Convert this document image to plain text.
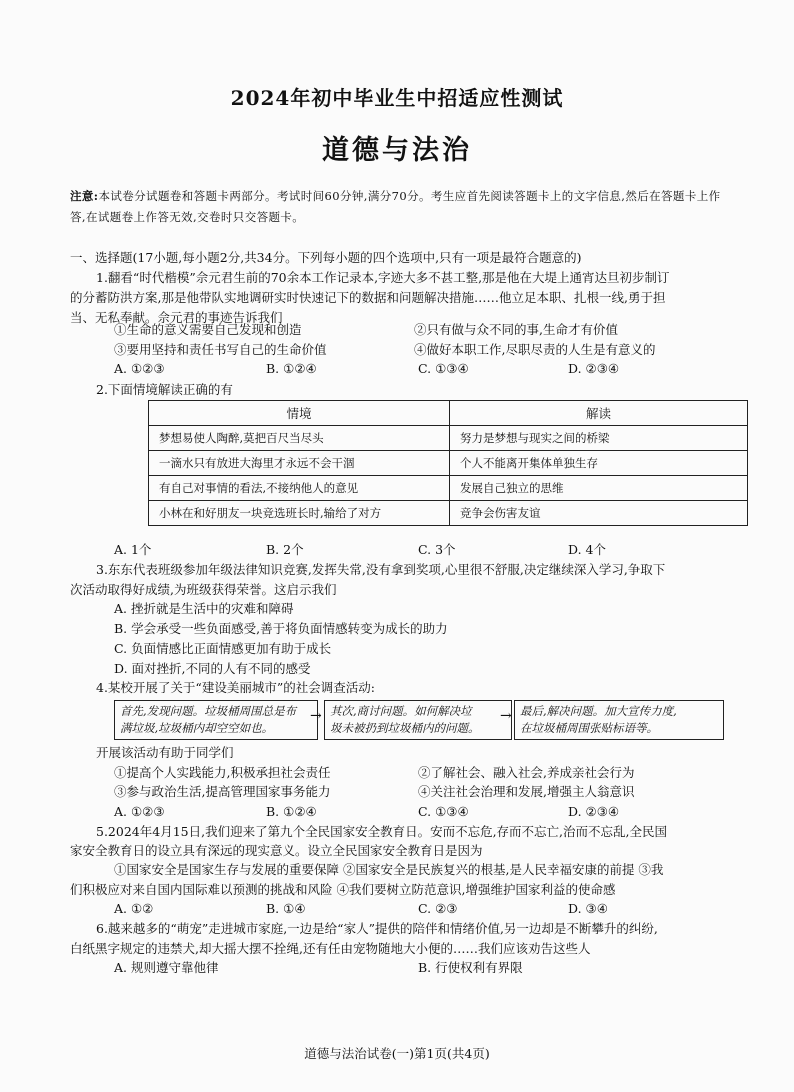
2024年初中毕业生中招适应性测试
道德与法治
注意:本试卷分试题卷和答题卡两部分。考试时间60分钟,满分70分。考生应首先阅读答题卡上的文字信息,然后在答题卡上作答,在试题卷上作答无效,交卷时只交答题卡。
一、选择题(17小题,每小题2分,共34分。下列每小题的四个选项中,只有一项是最符合题意的)
1.翻看“时代楷模”佘元君生前的70余本工作记录本,字迹大多不甚工整,那是他在大堤上通宵达旦初步制订
的分蓄防洪方案,那是他带队实地调研实时快速记下的数据和问题解决措施……他立足本职、扎根一线,勇于担
当、无私奉献。佘元君的事迹告诉我们
①生命的意义需要自己发现和创造	②只有做与众不同的事,生命才有价值
③要用坚持和责任书写自己的生命价值	④做好本职工作,尽职尽责的人生是有意义的
A. ①②③	B. ①②④	C. ①③④	D. ②③④
2.下面情境解读正确的有
情境	解读
梦想易使人陶醉,莫把百尺当尽头	努力是梦想与现实之间的桥梁
一滴水只有放进大海里才永远不会干涸	个人不能离开集体单独生存
有自己对事情的看法,不接纳他人的意见	发展自己独立的思维
小林在和好朋友一块竞选班长时,输给了对方	竞争会伤害友谊
A. 1个	B. 2个	C. 3个	D. 4个
3.东东代表班级参加年级法律知识竞赛,发挥失常,没有拿到奖项,心里很不舒服,决定继续深入学习,争取下
次活动取得好成绩,为班级获得荣誉。这启示我们
A. 挫折就是生活中的灾难和障碍
B. 学会承受一些负面感受,善于将负面情感转变为成长的助力
C. 负面情感比正面情感更加有助于成长
D. 面对挫折,不同的人有不同的感受
4.某校开展了关于“建设美丽城市”的社会调查活动:
首先,发现问题。垃圾桶周围总是布
满垃圾,垃圾桶内却空空如也。
→ 其次,商讨问题。如何解决垃
圾未被扔到垃圾桶内的问题。
→ 最后,解决问题。加大宣传力度,
在垃圾桶周围张贴标语等。
开展该活动有助于同学们
①提高个人实践能力,积极承担社会责任	②了解社会、融入社会,养成亲社会行为
③参与政治生活,提高管理国家事务能力	④关注社会治理和发展,增强主人翁意识
A. ①②③	B. ①②④	C. ①③④	D. ②③④
5.2024年4月15日,我们迎来了第九个全民国家安全教育日。安而不忘危,存而不忘亡,治而不忘乱,全民国
家安全教育日的设立具有深远的现实意义。设立全民国家安全教育日是因为
①国家安全是国家生存与发展的重要保障 ②国家安全是民族复兴的根基,是人民幸福安康的前提 ③我
们积极应对来自国内国际难以预测的挑战和风险 ④我们要树立防范意识,增强维护国家利益的使命感
A. ①②	B. ①④	C. ②③	D. ③④
6.越来越多的“萌宠”走进城市家庭,一边是给“家人”提供的陪伴和情绪价值,另一边却是不断攀升的纠纷,
白纸黑字规定的违禁犬,却大摇大摆不拴绳,还有任由宠物随地大小便的……我们应该劝告这些人
A. 规则遵守靠他律	B. 行使权利有界限
道德与法治试卷(一)第1页(共4页)
